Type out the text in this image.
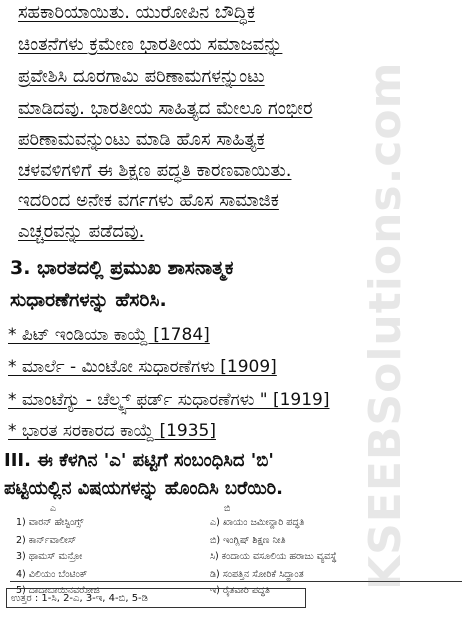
ಸಹಕಾರಿಯಾಯಿತು. ಯುರೋಪಿನ ಬೌದ್ಧಿಕ
ಚಿಂತನೆಗಳು ಕ್ರಮೇಣ ಭಾರತೀಯ ಸಮಾಜವನ್ನು
ಪ್ರವೇಶಿಸಿ ದೂರಗಾಮಿ ಪರಿಣಾಮಗಳನ್ನುಂಟು
ಮಾಡಿದವು. ಭಾರತೀಯ ಸಾಹಿತ್ಯದ ಮೇಲೂ ಗಂಭೀರ
ಪರಿಣಾಮವನ್ನುಂಟು ಮಾಡಿ ಹೊಸ ಸಾಹಿತ್ಯಕ
ಚಳವಳಿಗಳಿಗೆ ಈ ಶಿಕ್ಷಣ ಪದ್ಧತಿ ಕಾರಣವಾಯಿತು.
ಇದರಿಂದ ಅನೇಕ ವರ್ಗಗಳು ಹೊಸ ಸಾಮಾಜಿಕ
ಎಚ್ಚರವನ್ನು ಪಡೆದವು.
3. ಭಾರತದಲ್ಲಿ ಪ್ರಮುಖ ಶಾಸನಾತ್ಮಕ
ಸುಧಾರಣೆಗಳನ್ನು ಹೆಸರಿಸಿ.
* ಪಿಟ್ ಇಂಡಿಯಾ ಕಾಯ್ದೆ [1784]
* ಮಾರ್ಲೆ - ಮಿಂಟೋ ಸುಧಾರಣೆಗಳು [1909]
* ಮಾಂಟೆಗ್ಯು - ಚೆಲ್ಮ್ಸ್ ಫರ್ಡ್ ಸುಧಾರಣೆಗಳು " [1919]
* ಭಾರತ ಸರಕಾರದ ಕಾಯ್ದೆ [1935]
III. ಈ ಕೆಳಗಿನ 'ಎ' ಪಟ್ಟಿಗೆ ಸಂಬಂಧಿಸಿದ 'ಬಿ'
ಪಟ್ಟಿಯಲ್ಲಿನ ವಿಷಯಗಳನ್ನು ಹೊಂದಿಸಿ ಬರೆಯಿರಿ.
ಎ	ಬಿ
1) ವಾರನ್ ಹೇಸ್ಟಿಂಗ್ಸ್	ಎ) ಖಾಯಂ ಜಮೀನ್ದಾರಿ ಪದ್ಧತಿ
2) ಕಾರ್ನ್‌ವಾಲೀಸ್	ಬಿ) ಇಂಗ್ಲಿಷ್ ಶಿಕ್ಷಣ ನೀತಿ
3) ಥಾಮಸ್ ಮನ್ರೋ	ಸಿ) ಕಂದಾಯ ವಸೂಲಿಯ ಹರಾಜು ವ್ಯವಸ್ಥೆ
4) ವಿಲಿಯಂ ಬೆಂಟಿಂಕ್	ಡಿ) ಸಂಪತ್ತಿನ ಸೋರಿಕೆ ಸಿದ್ಧಾಂತ
5) ದಾದಾಬಾಯಿನವರೋಜಿ	ಇ) ರೈತವಾರಿ ಪದ್ಧತಿ
ಉತ್ತರ : 1-ಸಿ, 2-ಎ, 3-ಇ, 4-ಬಿ, 5-ಡಿ
KSEEBSolutions.com
